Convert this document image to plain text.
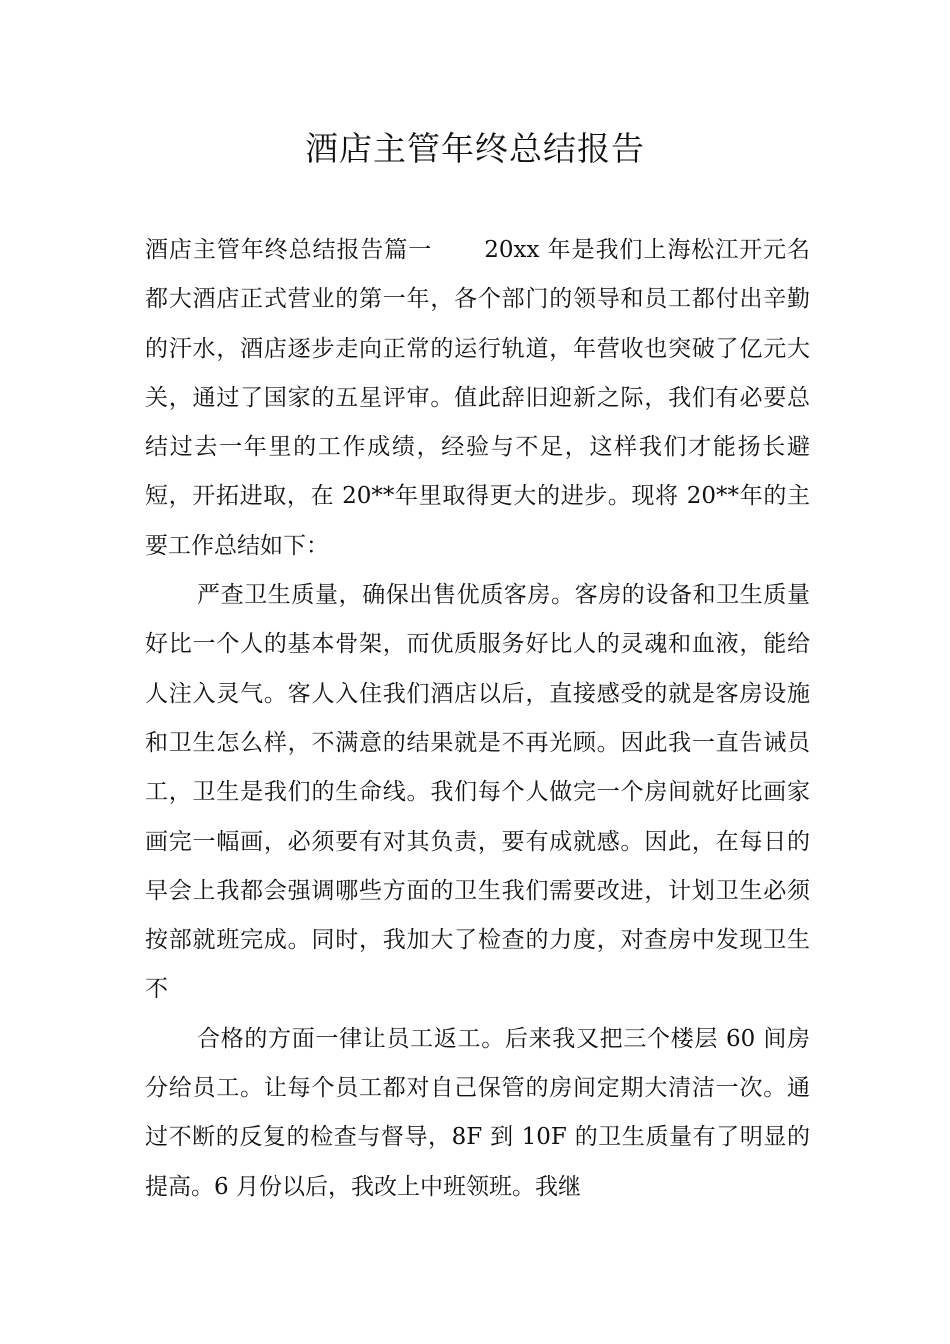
酒店主管年终总结报告

酒店主管年终总结报告篇一 20xx 年是我们上海松江开元名都大酒店正式营业的第一年，各个部门的领导和员工都付出辛勤的汗水，酒店逐步走向正常的运行轨道，年营收也突破了亿元大关，通过了国家的五星评审。值此辞旧迎新之际，我们有必要总结过去一年里的工作成绩，经验与不足，这样我们才能扬长避短，开拓进取，在 20**年里取得更大的进步。现将 20**年的主要工作总结如下：

严查卫生质量，确保出售优质客房。客房的设备和卫生质量好比一个人的基本骨架，而优质服务好比人的灵魂和血液，能给人注入灵气。客人入住我们酒店以后，直接感受的就是客房设施和卫生怎么样，不满意的结果就是不再光顾。因此我一直告诫员工，卫生是我们的生命线。我们每个人做完一个房间就好比画家画完一幅画，必须要有对其负责，要有成就感。因此，在每日的早会上我都会强调哪些方面的卫生我们需要改进，计划卫生必须按部就班完成。同时，我加大了检查的力度，对查房中发现卫生不

合格的方面一律让员工返工。后来我又把三个楼层 60 间房分给员工。让每个员工都对自己保管的房间定期大清洁一次。通过不断的反复的检查与督导，8F 到 10F 的卫生质量有了明显的提高。6 月份以后，我改上中班领班。我继
